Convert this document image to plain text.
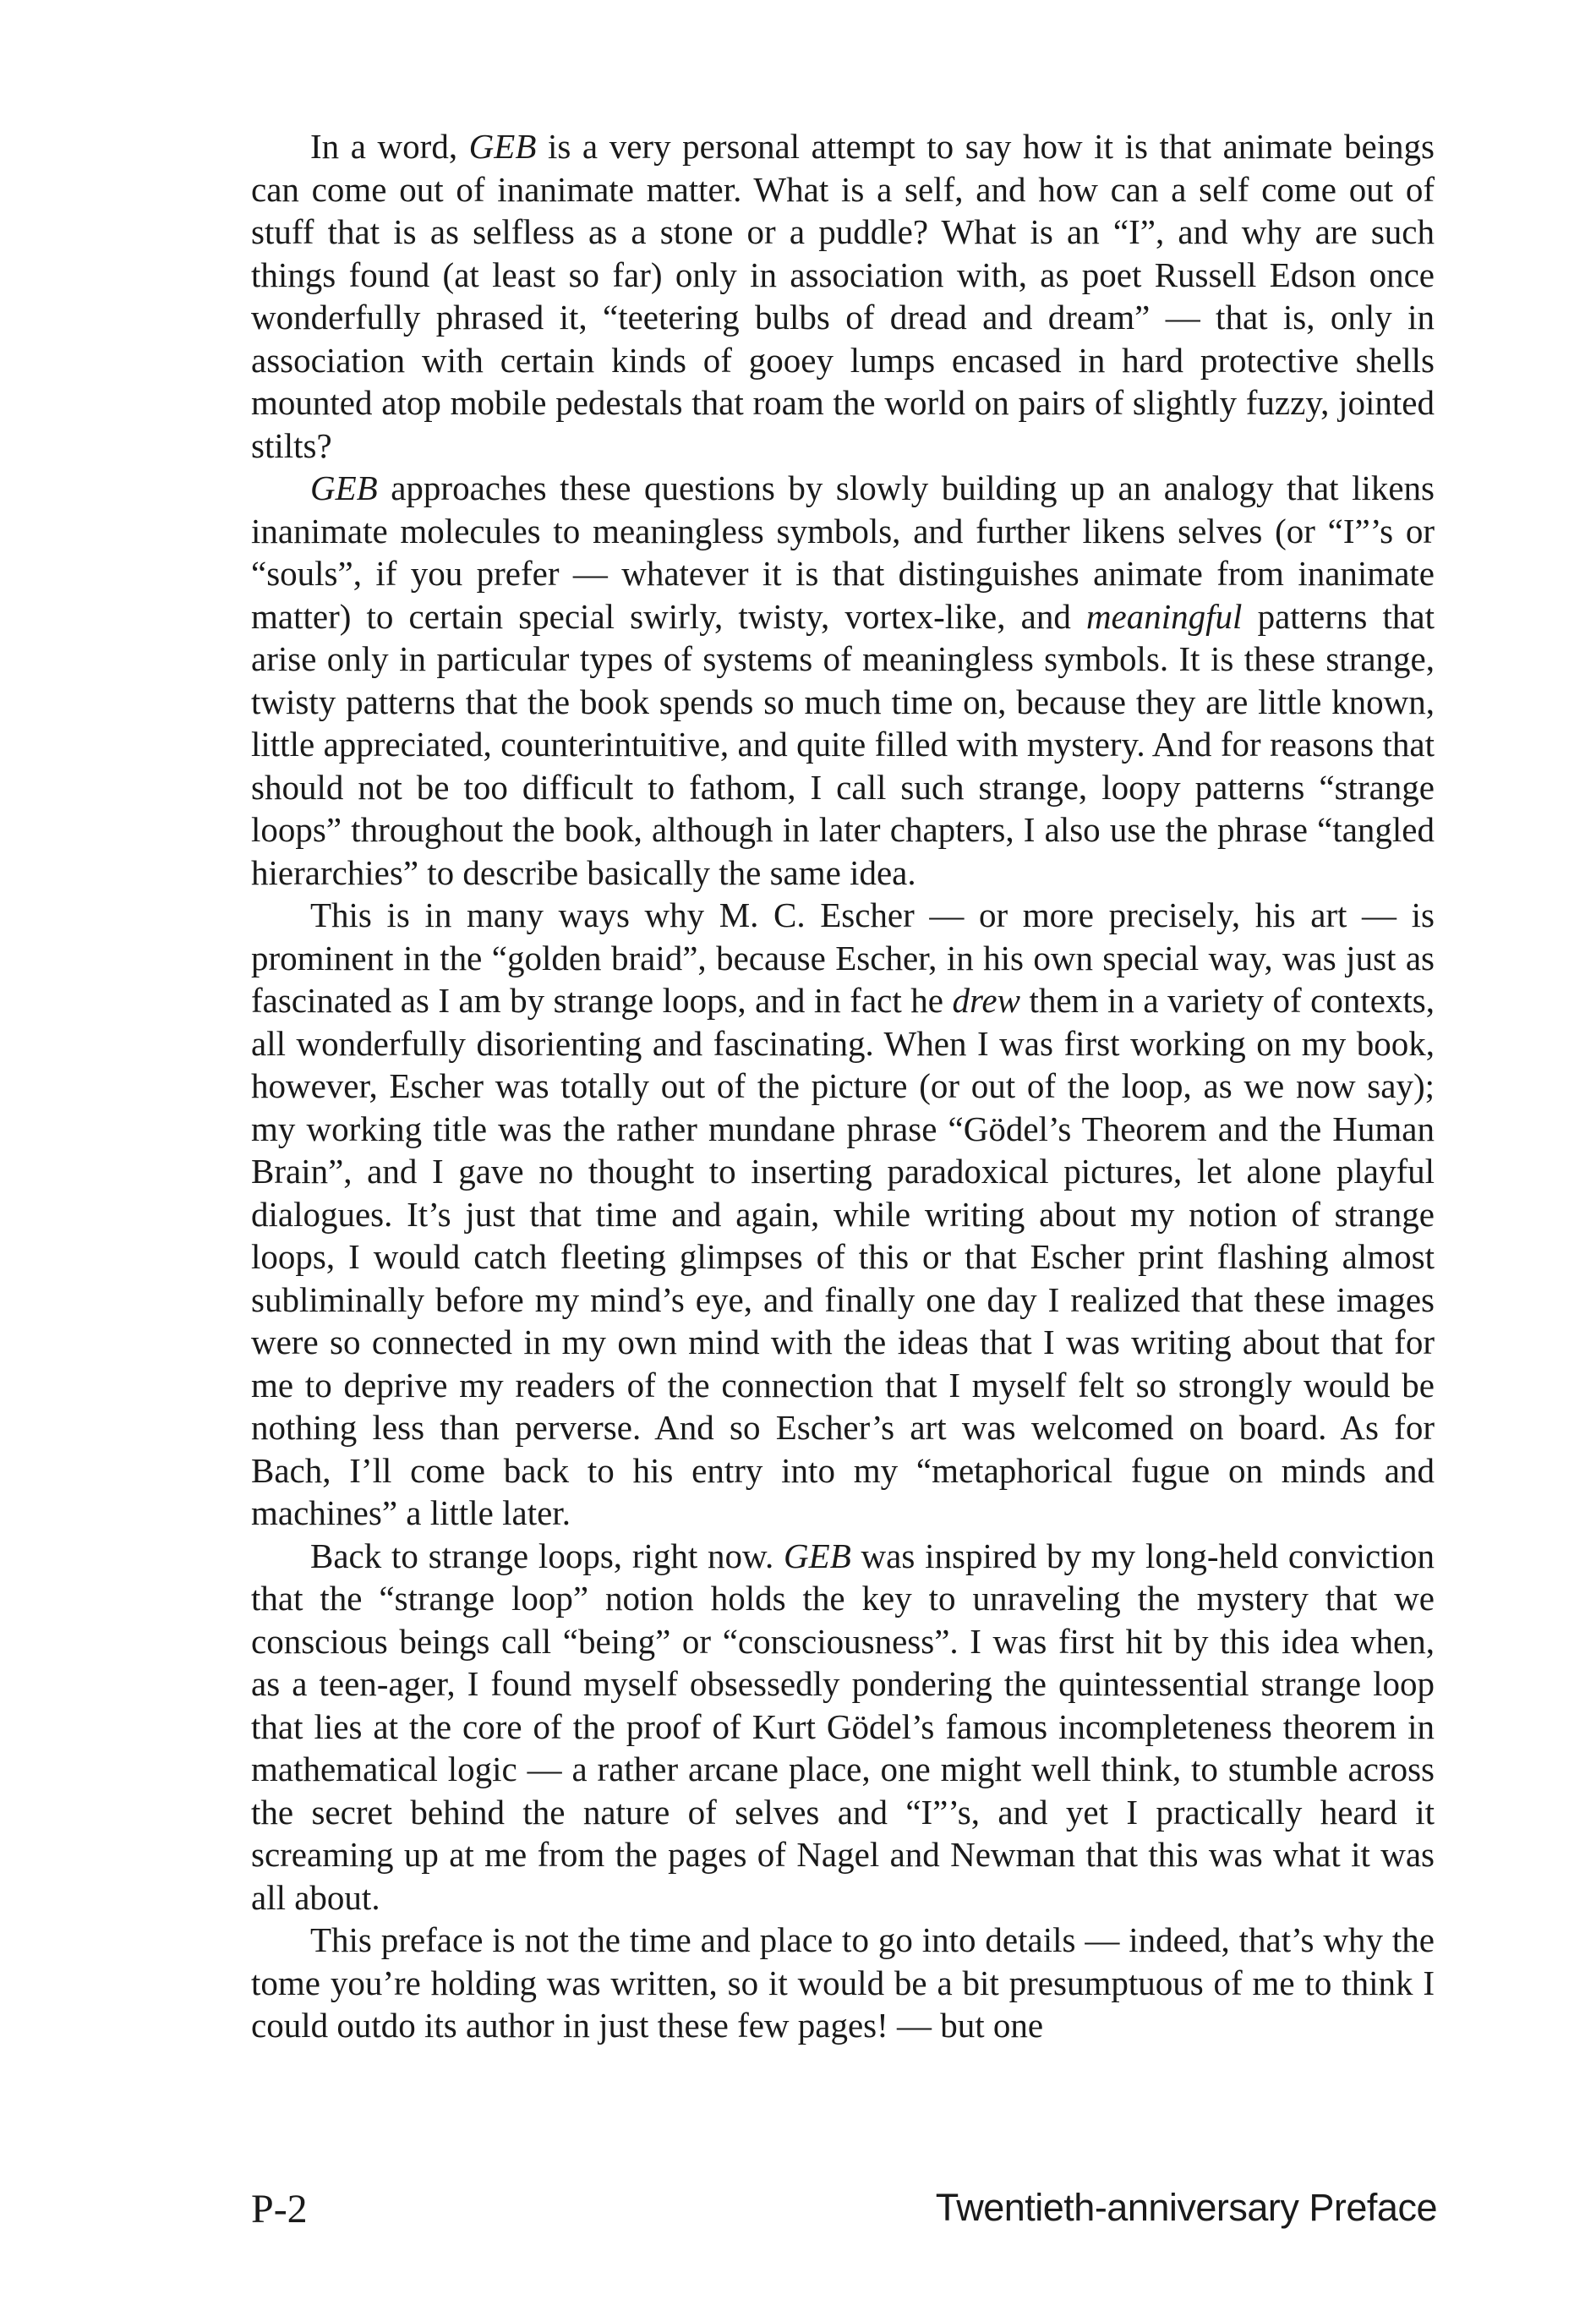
In a word, GEB is a very personal attempt to say how it is that animate beings can come out of inanimate matter. What is a self, and how can a self come out of stuff that is as selfless as a stone or a puddle? What is an “I”, and why are such things found (at least so far) only in association with, as poet Russell Edson once wonderfully phrased it, “teetering bulbs of dread and dream” — that is, only in association with certain kinds of gooey lumps encased in hard protective shells mounted atop mobile pedestals that roam the world on pairs of slightly fuzzy, jointed stilts?

GEB approaches these questions by slowly building up an analogy that likens inanimate molecules to meaningless symbols, and further likens selves (or “I”’s or “souls”, if you prefer — whatever it is that distinguishes animate from inanimate matter) to certain special swirly, twisty, vortex-like, and meaningful patterns that arise only in particular types of systems of meaningless symbols. It is these strange, twisty patterns that the book spends so much time on, because they are little known, little appreciated, counterintuitive, and quite filled with mystery. And for reasons that should not be too difficult to fathom, I call such strange, loopy patterns “strange loops” throughout the book, although in later chapters, I also use the phrase “tangled hierarchies” to describe basically the same idea.

This is in many ways why M. C. Escher — or more precisely, his art — is prominent in the “golden braid”, because Escher, in his own special way, was just as fascinated as I am by strange loops, and in fact he drew them in a variety of contexts, all wonderfully disorienting and fascinating. When I was first working on my book, however, Escher was totally out of the picture (or out of the loop, as we now say); my working title was the rather mundane phrase “Gödel’s Theorem and the Human Brain”, and I gave no thought to inserting paradoxical pictures, let alone playful dialogues. It’s just that time and again, while writing about my notion of strange loops, I would catch fleeting glimpses of this or that Escher print flashing almost subliminally before my mind’s eye, and finally one day I realized that these images were so connected in my own mind with the ideas that I was writing about that for me to deprive my readers of the connection that I myself felt so strongly would be nothing less than perverse. And so Escher’s art was welcomed on board. As for Bach, I’ll come back to his entry into my “metaphorical fugue on minds and machines” a little later.

Back to strange loops, right now. GEB was inspired by my long-held conviction that the “strange loop” notion holds the key to unraveling the mystery that we conscious beings call “being” or “consciousness”. I was first hit by this idea when, as a teen-ager, I found myself obsessedly pondering the quintessential strange loop that lies at the core of the proof of Kurt Gödel’s famous incompleteness theorem in mathematical logic — a rather arcane place, one might well think, to stumble across the secret behind the nature of selves and “I”’s, and yet I practically heard it screaming up at me from the pages of Nagel and Newman that this was what it was all about.

This preface is not the time and place to go into details — indeed, that’s why the tome you’re holding was written, so it would be a bit presumptuous of me to think I could outdo its author in just these few pages! — but one

P-2	Twentieth-anniversary Preface
